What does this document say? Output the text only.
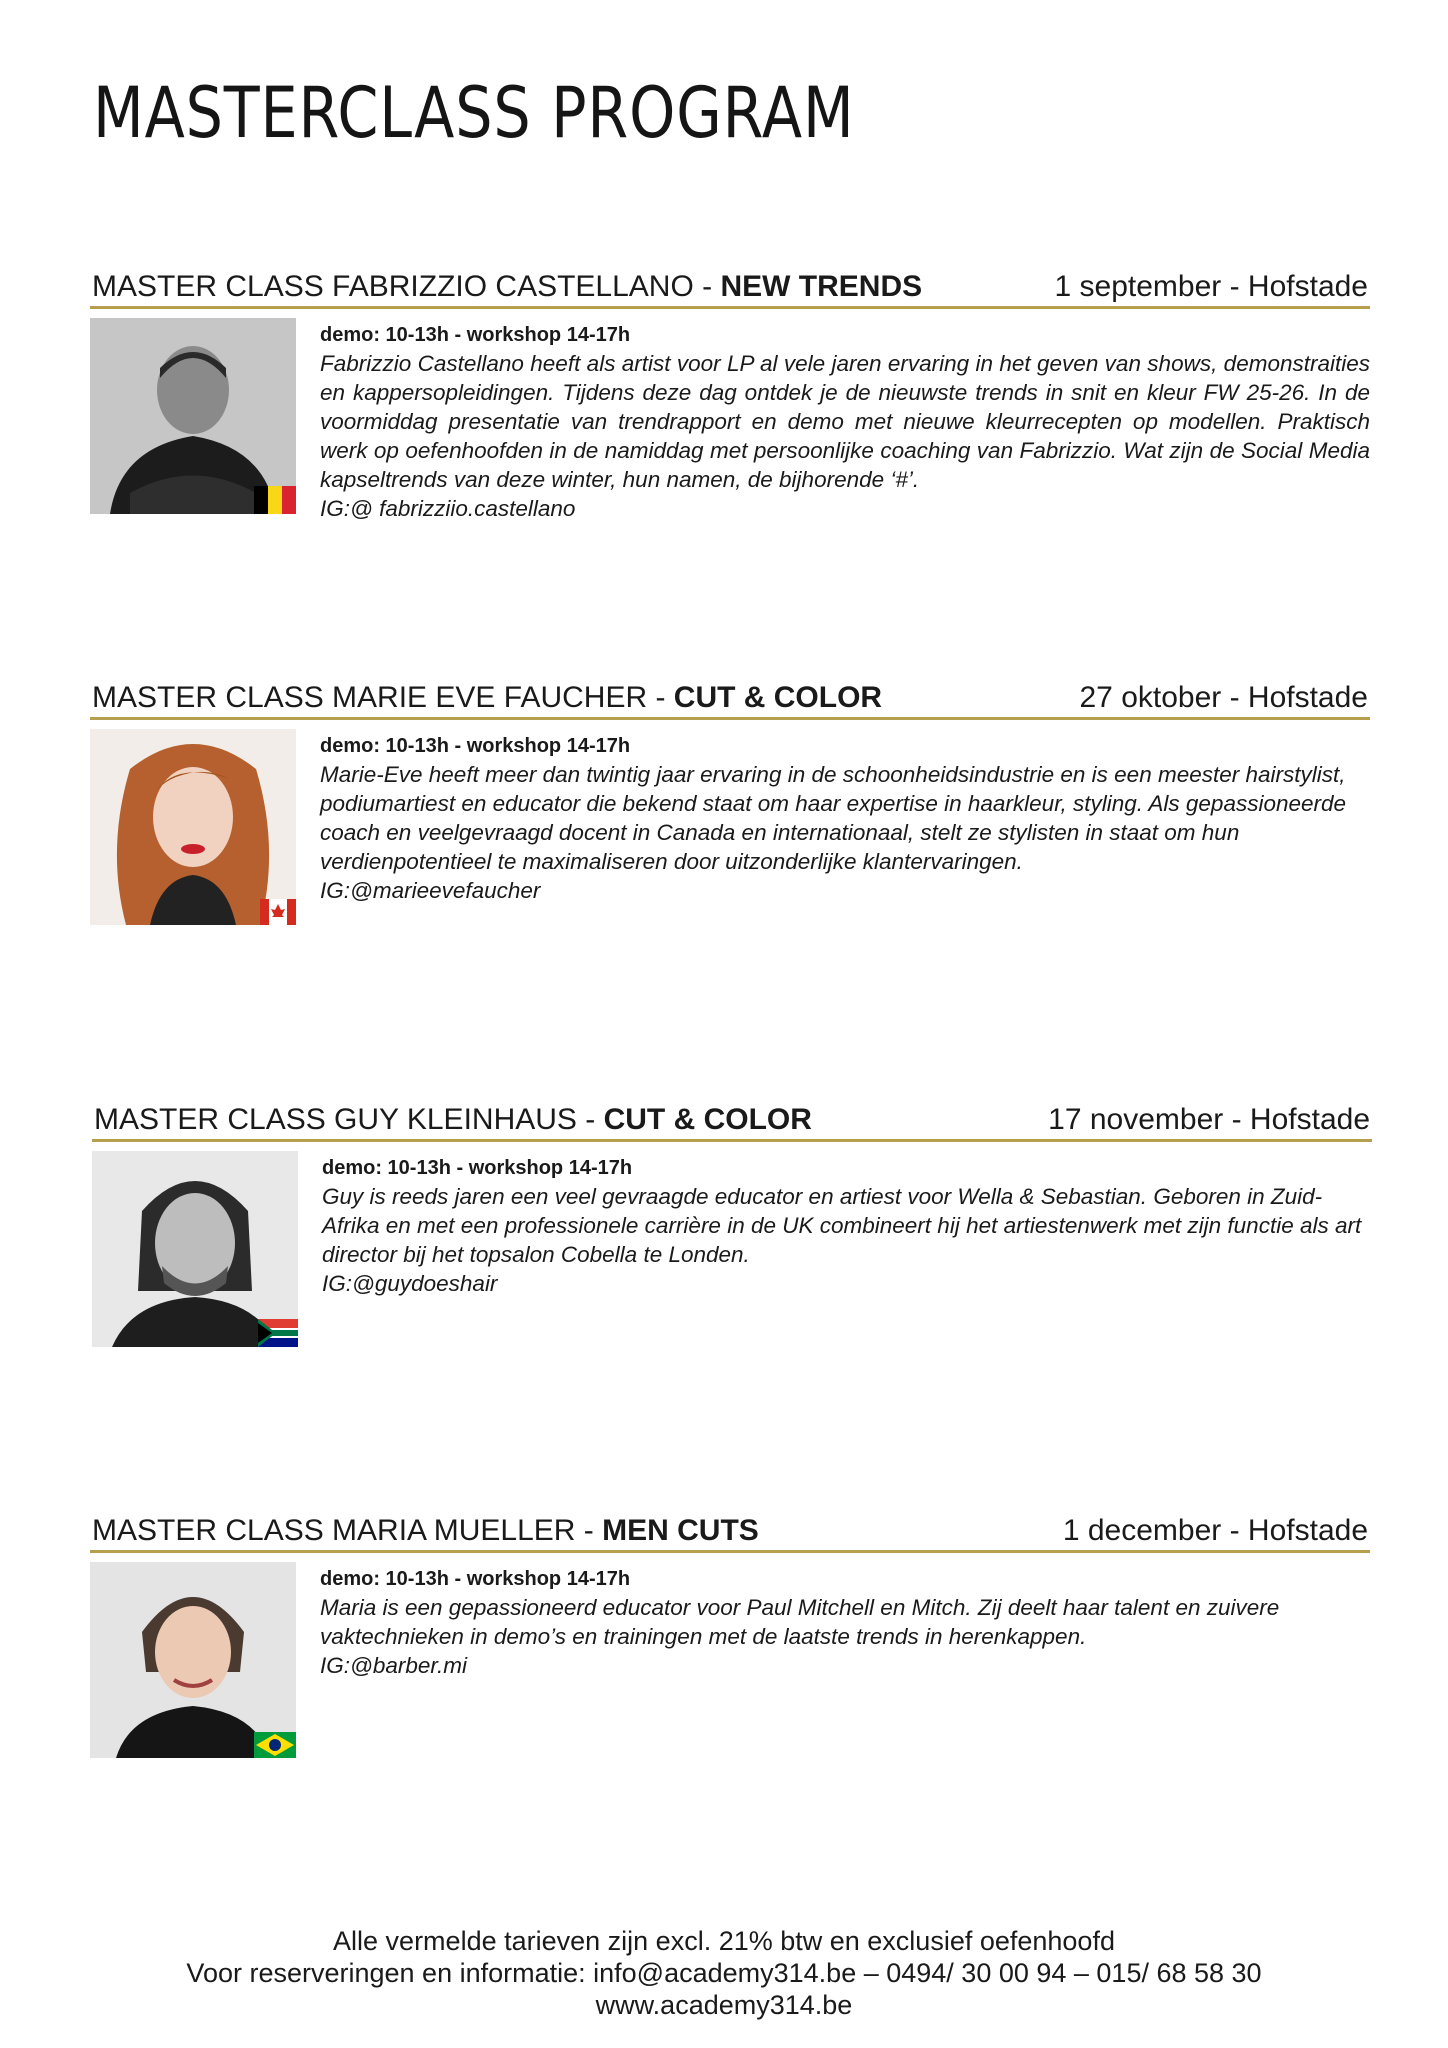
MASTERCLASS PROGRAM
MASTER CLASS FABRIZZIO CASTELLANO - NEW TRENDS	1 september - Hofstade

demo: 10-13h - workshop 14-17h

Fabrizzio Castellano heeft als artist voor LP al vele jaren ervaring in het geven van shows, demonstraities en kappersopleidingen. Tijdens deze dag ontdek je de nieuwste trends in snit en kleur FW 25-26. In de voormiddag presentatie van trendrapport en demo met nieuwe kleurrecepten op modellen. Praktisch werk op oefenhoofden in de namiddag met persoonlijke coaching van Fabrizzio. Wat zijn de Social Media kapseltrends van deze winter, hun namen, de bijhorende ‘#’.

IG:@ fabrizziio.castellano

MASTER CLASS MARIE EVE FAUCHER - CUT & COLOR	27 oktober - Hofstade

demo: 10-13h - workshop 14-17h

Marie-Eve heeft meer dan twintig jaar ervaring in de schoonheidsindustrie en is een meester hairstylist, podiumartiest en educator die bekend staat om haar expertise in haarkleur, styling. Als gepassioneerde coach en veelgevraagd docent in Canada en internationaal, stelt ze stylisten in staat om hun verdienpotentieel te maximaliseren door uitzonderlijke klantervaringen.

IG:@marieevefaucher

MASTER CLASS GUY KLEINHAUS - CUT & COLOR	17 november - Hofstade

demo: 10-13h - workshop 14-17h

Guy is reeds jaren een veel gevraagde educator en artiest voor Wella & Sebastian. Geboren in Zuid-Afrika en met een professionele carrière in de UK combineert hij het artiestenwerk met zijn functie als art director bij het topsalon Cobella te Londen.

IG:@guydoeshair

MASTER CLASS MARIA MUELLER - MEN CUTS	1 december - Hofstade

demo: 10-13h - workshop 14-17h

Maria is een gepassioneerd educator voor Paul Mitchell en Mitch. Zij deelt haar talent en zuivere vaktechnieken in demo’s en trainingen met de laatste trends in herenkappen.

IG:@barber.mi

Alle vermelde tarieven zijn excl. 21% btw en exclusief oefenhoofd
Voor reserveringen en informatie: info@academy314.be – 0494/ 30 00 94 – 015/ 68 58 30
www.academy314.be
